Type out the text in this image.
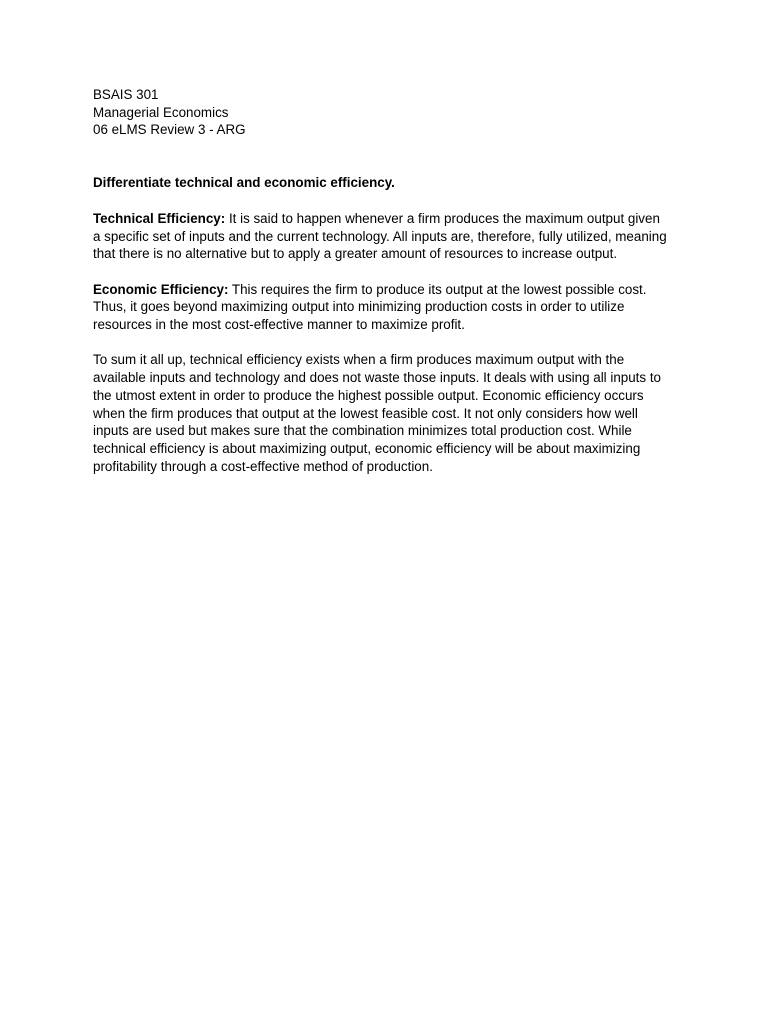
BSAIS 301
Managerial Economics
06 eLMS Review 3 - ARG

Differentiate technical and economic efficiency.

Technical Efficiency: It is said to happen whenever a firm produces the maximum output given a specific set of inputs and the current technology. All inputs are, therefore, fully utilized, meaning that there is no alternative but to apply a greater amount of resources to increase output.

Economic Efficiency: This requires the firm to produce its output at the lowest possible cost. Thus, it goes beyond maximizing output into minimizing production costs in order to utilize resources in the most cost-effective manner to maximize profit.

To sum it all up, technical efficiency exists when a firm produces maximum output with the available inputs and technology and does not waste those inputs. It deals with using all inputs to the utmost extent in order to produce the highest possible output. Economic efficiency occurs when the firm produces that output at the lowest feasible cost. It not only considers how well inputs are used but makes sure that the combination minimizes total production cost. While technical efficiency is about maximizing output, economic efficiency will be about maximizing profitability through a cost-effective method of production.
